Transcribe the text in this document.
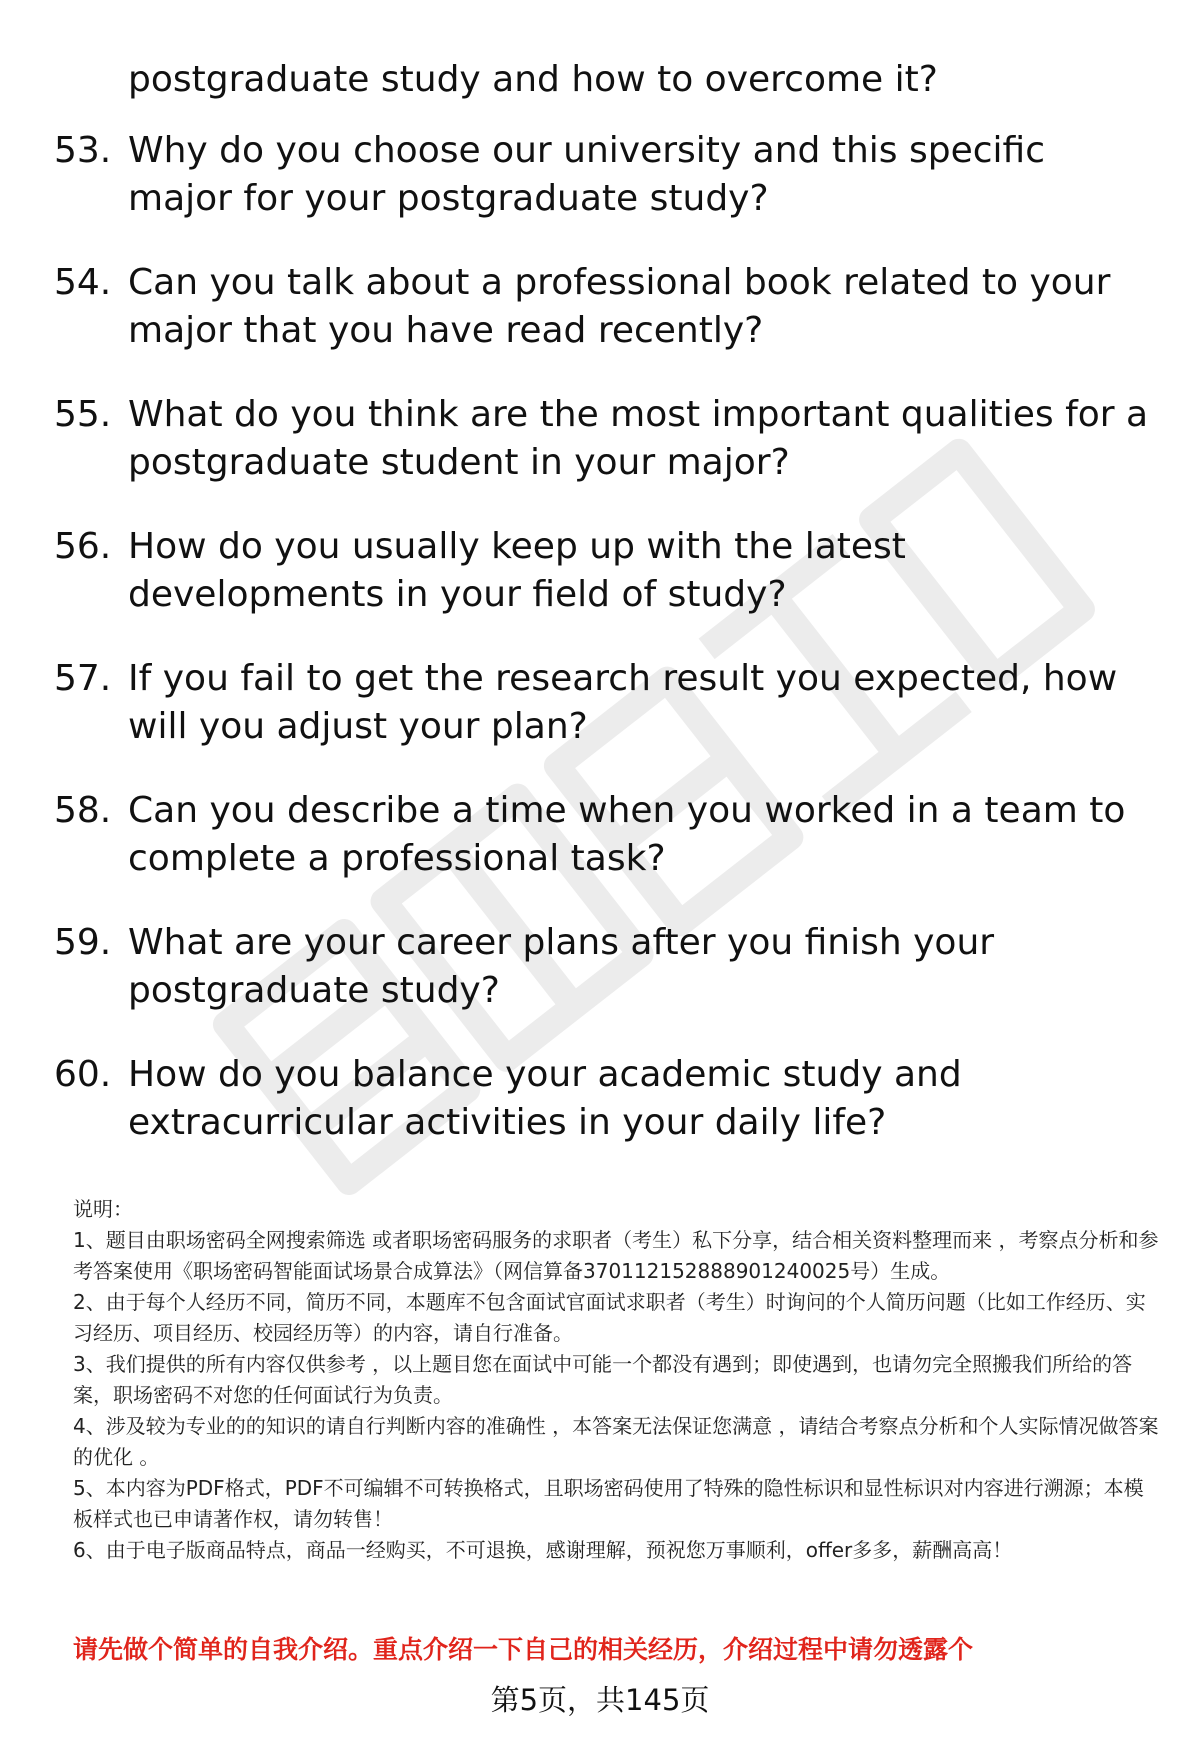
postgraduate study and how to overcome it?
53. Why do you choose our university and this specific major for your postgraduate study?
54. Can you talk about a professional book related to your major that you have read recently?
55. What do you think are the most important qualities for a postgraduate student in your major?
56. How do you usually keep up with the latest developments in your field of study?
57. If you fail to get the research result you expected, how will you adjust your plan?
58. Can you describe a time when you worked in a team to complete a professional task?
59. What are your career plans after you finish your postgraduate study?
60. How do you balance your academic study and extracurricular activities in your daily life?

说明：

1、题目由职场密码全网搜索筛选 或者职场密码服务的求职者（考生）私下分享，结合相关资料整理而来 ，考察点分析和参考答案使用《职场密码智能面试场景合成算法》（网信算备370112152888901240025号）生成。

2、由于每个人经历不同，简历不同，本题库不包含面试官面试求职者（考生）时询问的个人简历问题（比如工作经历、实习经历、项目经历、校园经历等）的内容，请自行准备。

3、我们提供的所有内容仅供参考 ，以上题目您在面试中可能一个都没有遇到；即使遇到，也请勿完全照搬我们所给的答案，职场密码不对您的任何面试行为负责。

4、涉及较为专业的的知识的请自行判断内容的准确性 ，本答案无法保证您满意 ，请结合考察点分析和个人实际情况做答案的优化 。

5、本内容为PDF格式，PDF不可编辑不可转换格式，且职场密码使用了特殊的隐性标识和显性标识对内容进行溯源；本模板样式也已申请著作权，请勿转售！

6、由于电子版商品特点，商品一经购买，不可退换，感谢理解，预祝您万事顺利，offer多多，薪酬高高！

请先做个简单的自我介绍。重点介绍一下自己的相关经历，介绍过程中请勿透露个
第5页，共145页
